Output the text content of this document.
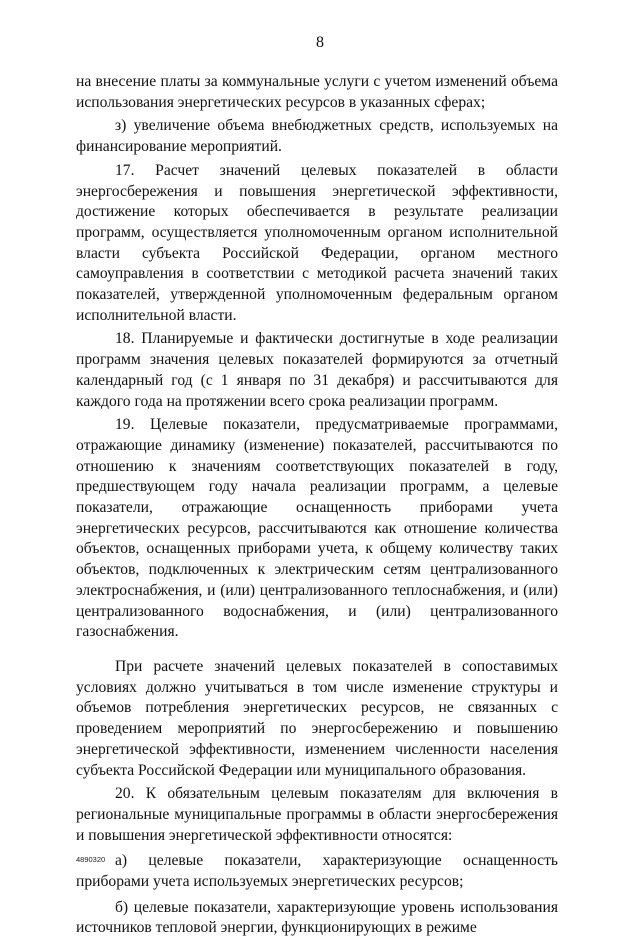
8

на внесение платы за коммунальные услуги с учетом изменений объема использования энергетических ресурсов в указанных сферах;

з) увеличение объема внебюджетных средств, используемых на финансирование мероприятий.

17. Расчет значений целевых показателей в области энергосбережения и повышения энергетической эффективности, достижение которых обеспечивается в результате реализации программ, осуществляется уполномоченным органом исполнительной власти субъекта Российской Федерации, органом местного самоуправления в соответствии с методикой расчета значений таких показателей, утвержденной уполномоченным федеральным органом исполнительной власти.

18. Планируемые и фактически достигнутые в ходе реализации программ значения целевых показателей формируются за отчетный календарный год (с 1 января по 31 декабря) и рассчитываются для каждого года на протяжении всего срока реализации программ.

19. Целевые показатели, предусматриваемые программами, отражающие динамику (изменение) показателей, рассчитываются по отношению к значениям соответствующих показателей в году, предшествующем году начала реализации программ, а целевые показатели, отражающие оснащенность приборами учета энергетических ресурсов, рассчитываются как отношение количества объектов, оснащенных приборами учета, к общему количеству таких объектов, подключенных к электрическим сетям централизованного электроснабжения, и (или) централизованного теплоснабжения, и (или) централизованного водоснабжения, и (или) централизованного газоснабжения.

При расчете значений целевых показателей в сопоставимых условиях должно учитываться в том числе изменение структуры и объемов потребления энергетических ресурсов, не связанных с проведением мероприятий по энергосбережению и повышению энергетической эффективности, изменением численности населения субъекта Российской Федерации или муниципального образования.

20. К обязательным целевым показателям для включения в региональные муниципальные программы в области энергосбережения и повышения энергетической эффективности относятся:

а) целевые показатели, характеризующие оснащенность приборами учета используемых энергетических ресурсов;

б) целевые показатели, характеризующие уровень использования источников тепловой энергии, функционирующих в режиме

4890320
